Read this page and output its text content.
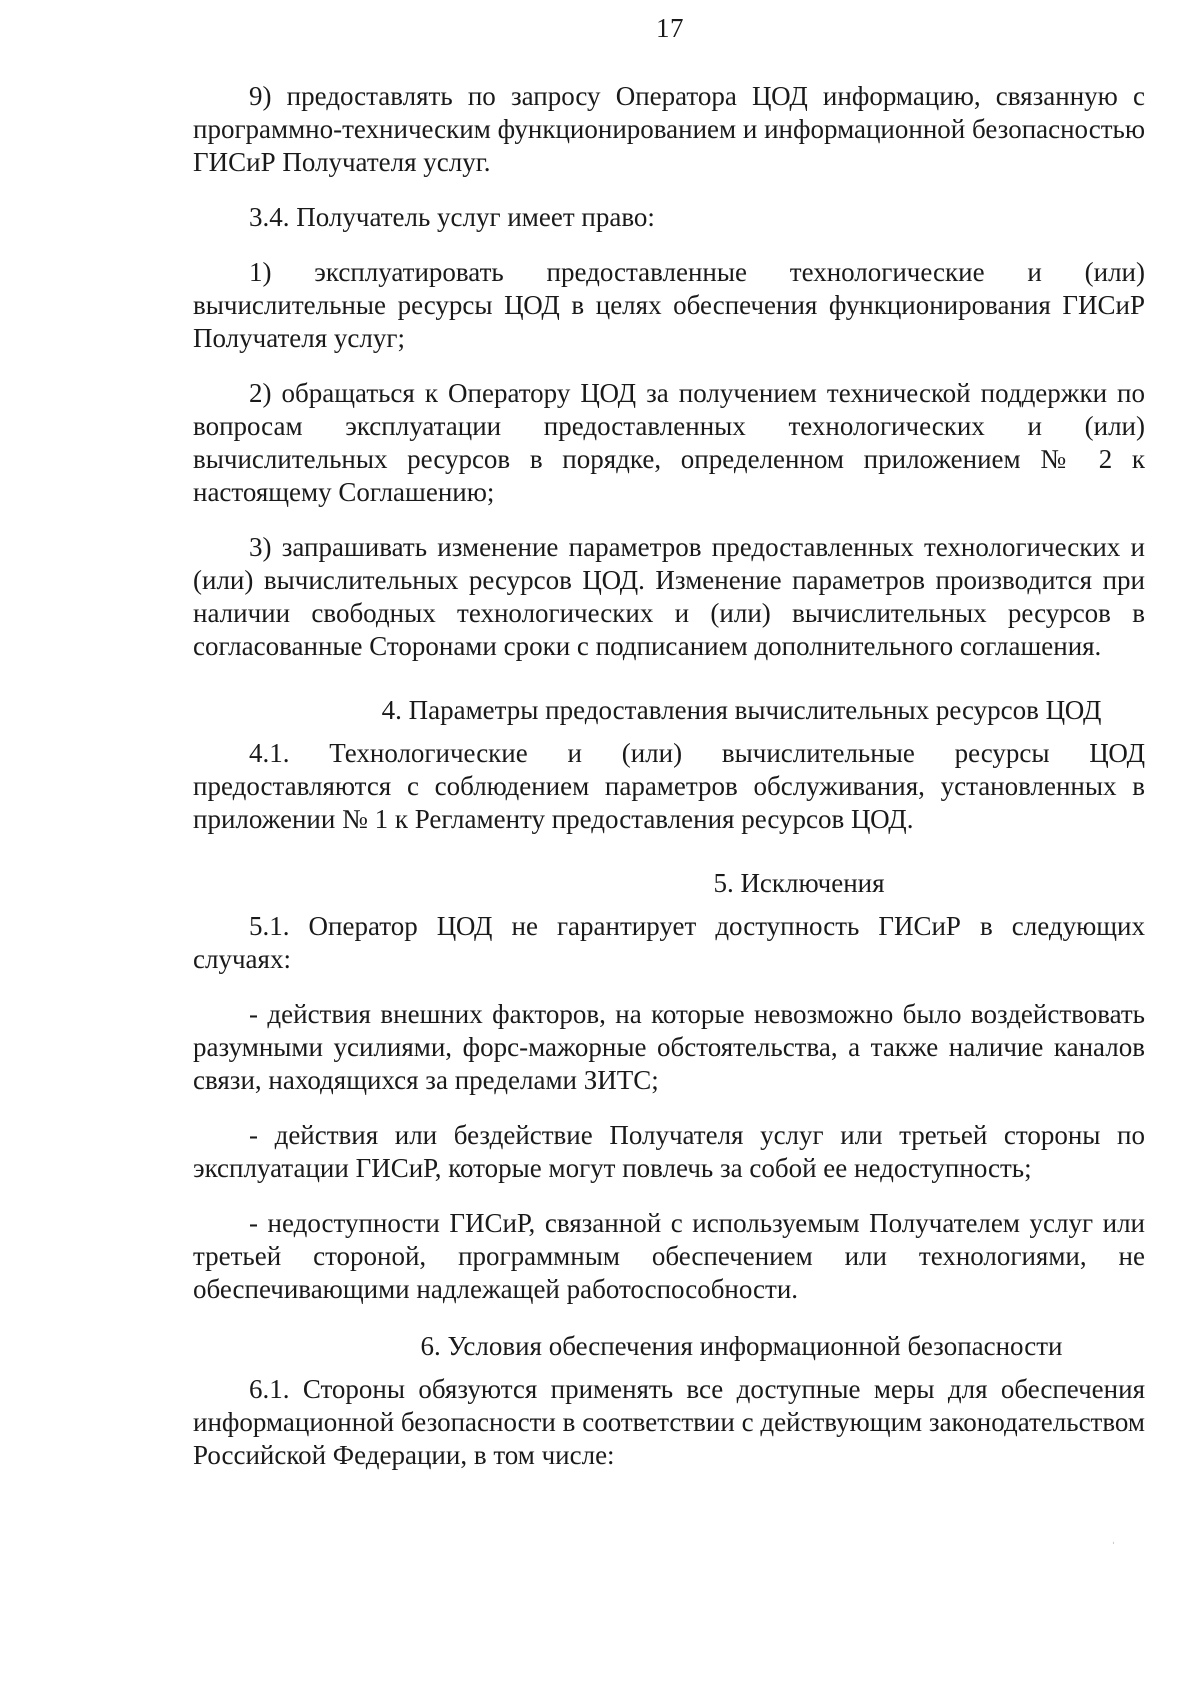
17

9) предоставлять по запросу Оператора ЦОД информацию, связанную с программно-техническим функционированием и информационной безопасностью ГИСиР Получателя услуг.

3.4. Получатель услуг имеет право:

1) эксплуатировать предоставленные технологические и (или) вычислительные ресурсы ЦОД в целях обеспечения функционирования ГИСиР Получателя услуг;

2) обращаться к Оператору ЦОД за получением технической поддержки по вопросам эксплуатации предоставленных технологических и (или) вычислительных ресурсов в порядке, определенном приложением № 2 к настоящему Соглашению;

3) запрашивать изменение параметров предоставленных технологических и (или) вычислительных ресурсов ЦОД. Изменение параметров производится при наличии свободных технологических и (или) вычислительных ресурсов в согласованные Сторонами сроки с подписанием дополнительного соглашения.

4. Параметры предоставления вычислительных ресурсов ЦОД

4.1. Технологические и (или) вычислительные ресурсы ЦОД предоставляются с соблюдением параметров обслуживания, установленных в приложении № 1 к Регламенту предоставления ресурсов ЦОД.

5. Исключения

5.1. Оператор ЦОД не гарантирует доступность ГИСиР в следующих случаях:

- действия внешних факторов, на которые невозможно было воздействовать разумными усилиями, форс-мажорные обстоятельства, а также наличие каналов связи, находящихся за пределами ЗИТС;

- действия или бездействие Получателя услуг или третьей стороны по эксплуатации ГИСиР, которые могут повлечь за собой ее недоступность;

- недоступности ГИСиР, связанной с используемым Получателем услуг или третьей стороной, программным обеспечением или технологиями, не обеспечивающими надлежащей работоспособности.

6. Условия обеспечения информационной безопасности

6.1. Стороны обязуются применять все доступные меры для обеспечения информационной безопасности в соответствии с действующим законодательством Российской Федерации, в том числе:

ˌ
